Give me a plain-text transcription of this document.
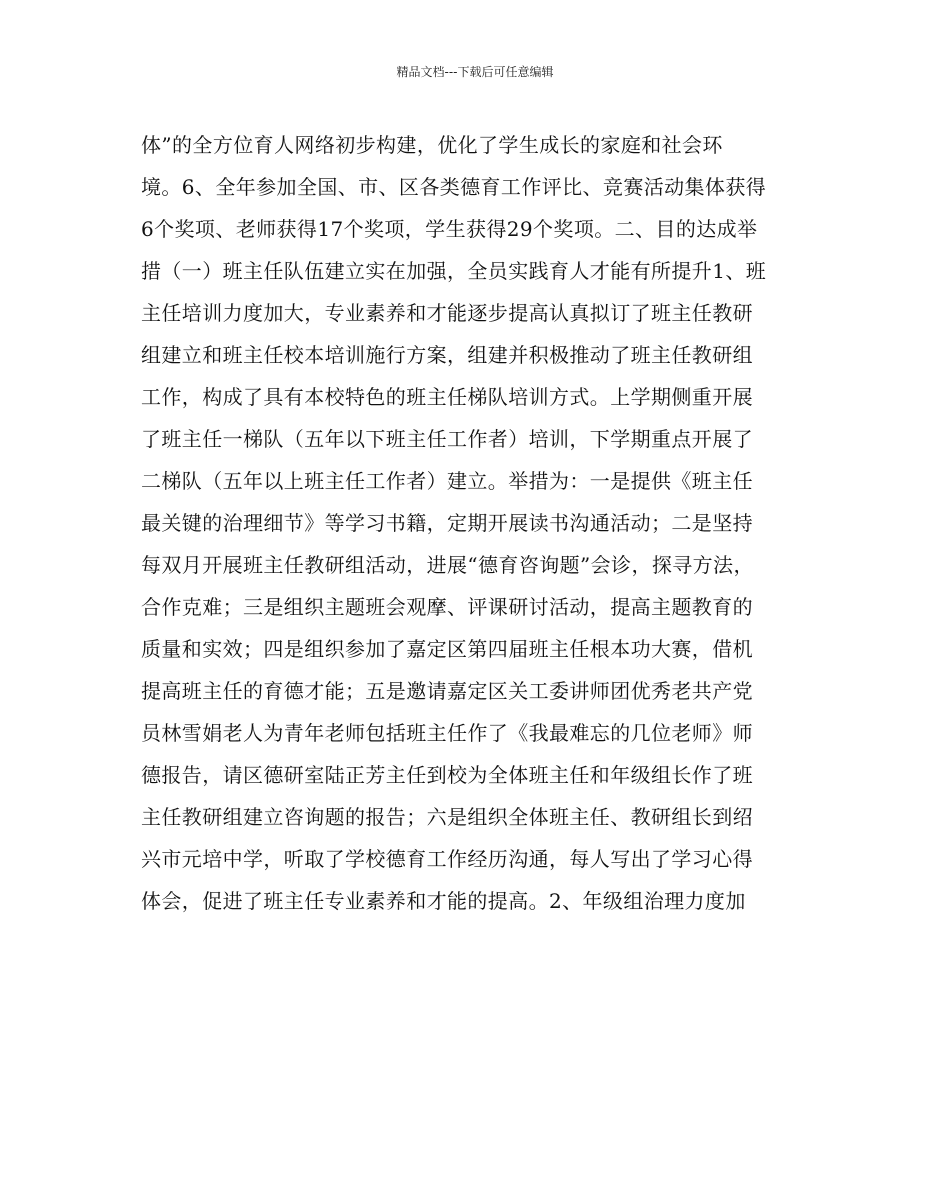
精品文档---下载后可任意编辑
体”的全方位育人网络初步构建，优化了学生成长的家庭和社会环
境。6、全年参加全国、市、区各类德育工作评比、竞赛活动集体获得
6个奖项、老师获得17个奖项，学生获得29个奖项。二、目的达成举
措（一）班主任队伍建立实在加强，全员实践育人才能有所提升1、班
主任培训力度加大，专业素养和才能逐步提高认真拟订了班主任教研
组建立和班主任校本培训施行方案，组建并积极推动了班主任教研组
工作，构成了具有本校特色的班主任梯队培训方式。上学期侧重开展
了班主任一梯队（五年以下班主任工作者）培训，下学期重点开展了
二梯队（五年以上班主任工作者）建立。举措为：一是提供《班主任
最关键的治理细节》等学习书籍，定期开展读书沟通活动；二是坚持
每双月开展班主任教研组活动，进展“德育咨询题”会诊，探寻方法，
合作克难；三是组织主题班会观摩、评课研讨活动，提高主题教育的
质量和实效；四是组织参加了嘉定区第四届班主任根本功大赛，借机
提高班主任的育德才能；五是邀请嘉定区关工委讲师团优秀老共产党
员林雪娟老人为青年老师包括班主任作了《我最难忘的几位老师》师
德报告，请区德研室陆正芳主任到校为全体班主任和年级组长作了班
主任教研组建立咨询题的报告；六是组织全体班主任、教研组长到绍
兴市元培中学，听取了学校德育工作经历沟通，每人写出了学习心得
体会，促进了班主任专业素养和才能的提高。2、年级组治理力度加
